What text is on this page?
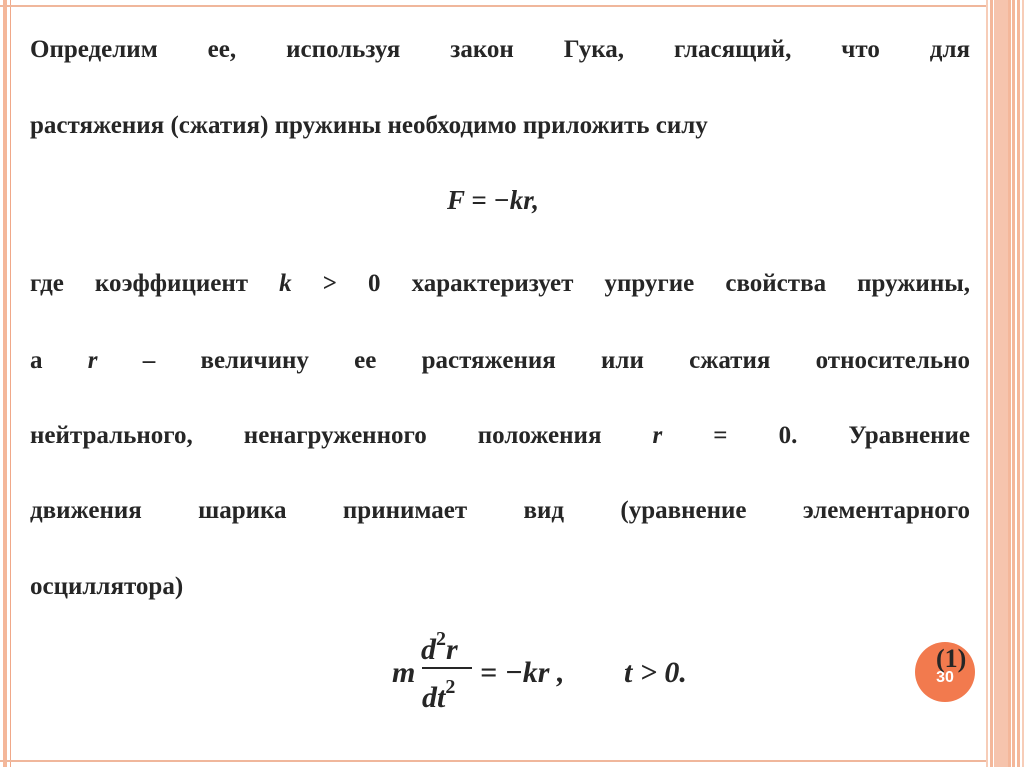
Определим ее, используя закон Гука, гласящий, что для
растяжения (сжатия) пружины необходимо приложить силу
F = −kr,
где коэффициент k > 0 характеризует упругие свойства пружины,
а r – величину ее растяжения или сжатия относительно
нейтрального, ненагруженного положения r = 0. Уравнение
движения шарика принимает вид (уравнение элементарного
осциллятора)
m
$d^2r$
$dt^2 = -kr$ , t > 0.	30
(1)
